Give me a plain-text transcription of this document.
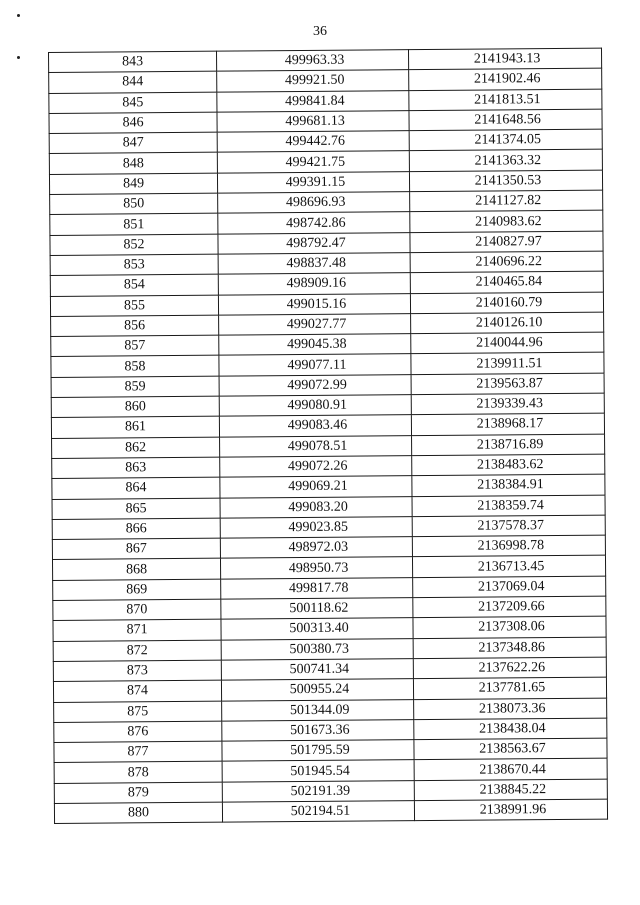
36
843	499963.33	2141943.13
844	499921.50	2141902.46
845	499841.84	2141813.51
846	499681.13	2141648.56
847	499442.76	2141374.05
848	499421.75	2141363.32
849	499391.15	2141350.53
850	498696.93	2141127.82
851	498742.86	2140983.62
852	498792.47	2140827.97
853	498837.48	2140696.22
854	498909.16	2140465.84
855	499015.16	2140160.79
856	499027.77	2140126.10
857	499045.38	2140044.96
858	499077.11	2139911.51
859	499072.99	2139563.87
860	499080.91	2139339.43
861	499083.46	2138968.17
862	499078.51	2138716.89
863	499072.26	2138483.62
864	499069.21	2138384.91
865	499083.20	2138359.74
866	499023.85	2137578.37
867	498972.03	2136998.78
868	498950.73	2136713.45
869	499817.78	2137069.04
870	500118.62	2137209.66
871	500313.40	2137308.06
872	500380.73	2137348.86
873	500741.34	2137622.26
874	500955.24	2137781.65
875	501344.09	2138073.36
876	501673.36	2138438.04
877	501795.59	2138563.67
878	501945.54	2138670.44
879	502191.39	2138845.22
880	502194.51	2138991.96
